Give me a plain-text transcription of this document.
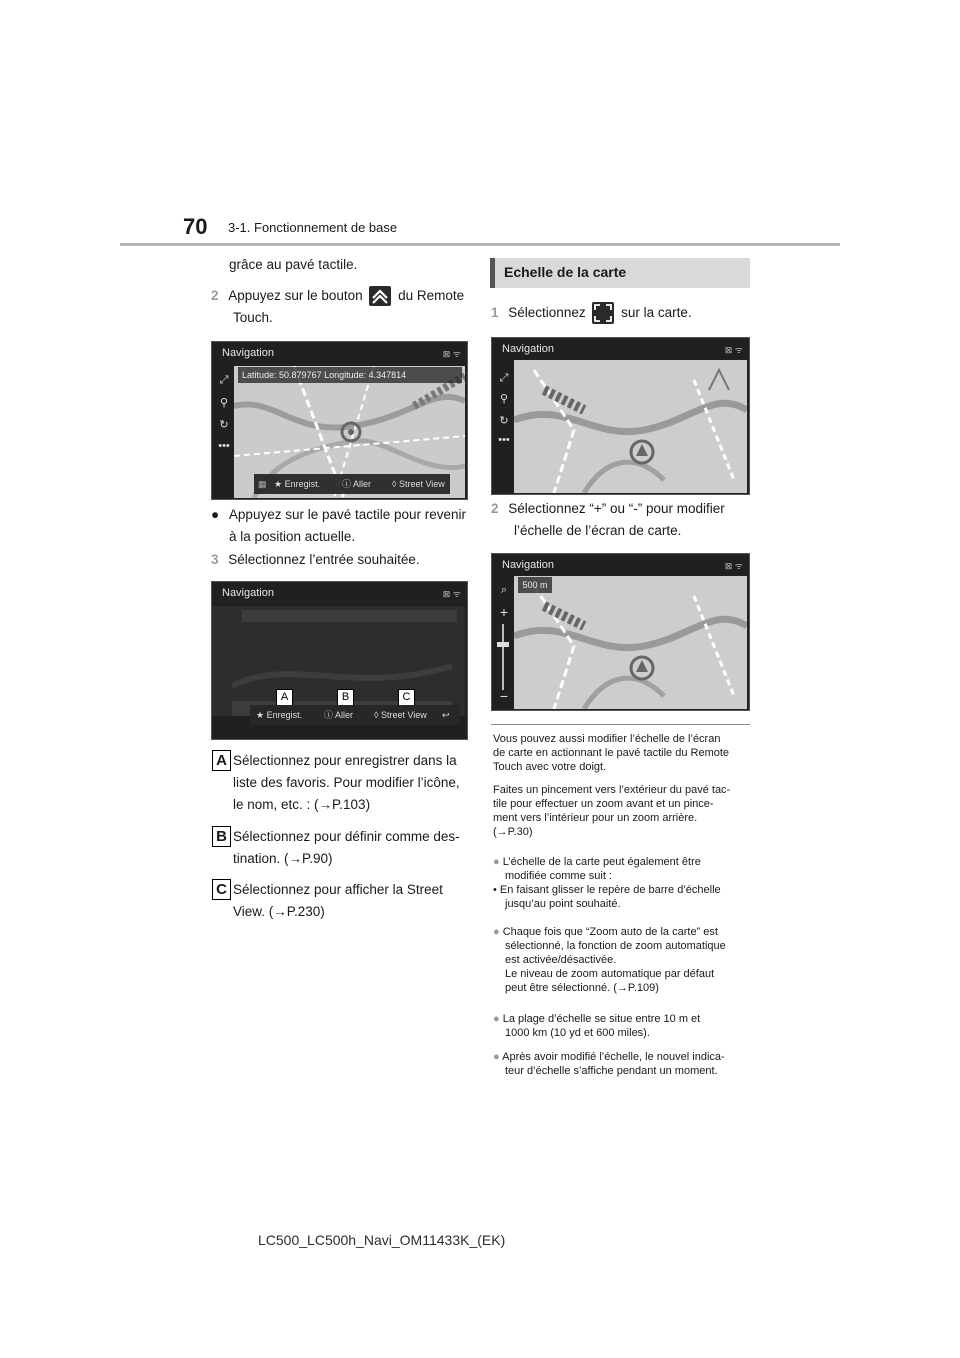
70 3-1. Fonctionnement de base
grâce au pavé tactile.
2 Appuyez sur le bouton	du Remote
Touch.
Navigation	⊠ ᯤ
Latitude: 50.879767 Longitude: 4.347814
⤢
⚲
↻
•••
▦ ★ Enregist. ⓘ Aller ◊ Street View
● Appuyez sur le pavé tactile pour revenir
à la position actuelle.
3 Sélectionnez l’entrée souhaitée.
Navigation	⊠ ᯤ
A	B	C
★ Enregist. ⓘ Aller ◊ Street View ↩
A Sélectionnez pour enregistrer dans la
liste des favoris. Pour modifier l’icône,
le nom, etc. : (→P.103)
B Sélectionnez pour définir comme des-
tination. (→P.90)
C Sélectionnez pour afficher la Street
View. (→P.230)
Echelle de la carte
1 Sélectionnez	sur la carte.
Navigation	⊠ ᯤ
⤢
⚲
↻
•••
2 Sélectionnez “+” ou “-” pour modifier
l’échelle de l’écran de carte.
Navigation	⊠ ᯤ
500 m
⌕
+
−
Vous pouvez aussi modifier l’échelle de l’écran
de carte en actionnant le pavé tactile du Remote
Touch avec votre doigt.
Faites un pincement vers l’extérieur du pavé tac-
tile pour effectuer un zoom avant et un pince-
ment vers l’intérieur pour un zoom arrière.
(→P.30)
● L’échelle de la carte peut également être
modifiée comme suit :
• En faisant glisser le repère de barre d’échelle
jusqu’au point souhaité.
● Chaque fois que “Zoom auto de la carte” est
sélectionné, la fonction de zoom automatique
est activée/désactivée.
Le niveau de zoom automatique par défaut
peut être sélectionné. (→P.109)
● La plage d’échelle se situe entre 10 m et
1000 km (10 yd et 600 miles).
● Après avoir modifié l’échelle, le nouvel indica-
teur d’échelle s’affiche pendant un moment.
LC500_LC500h_Navi_OM11433K_(EK)
